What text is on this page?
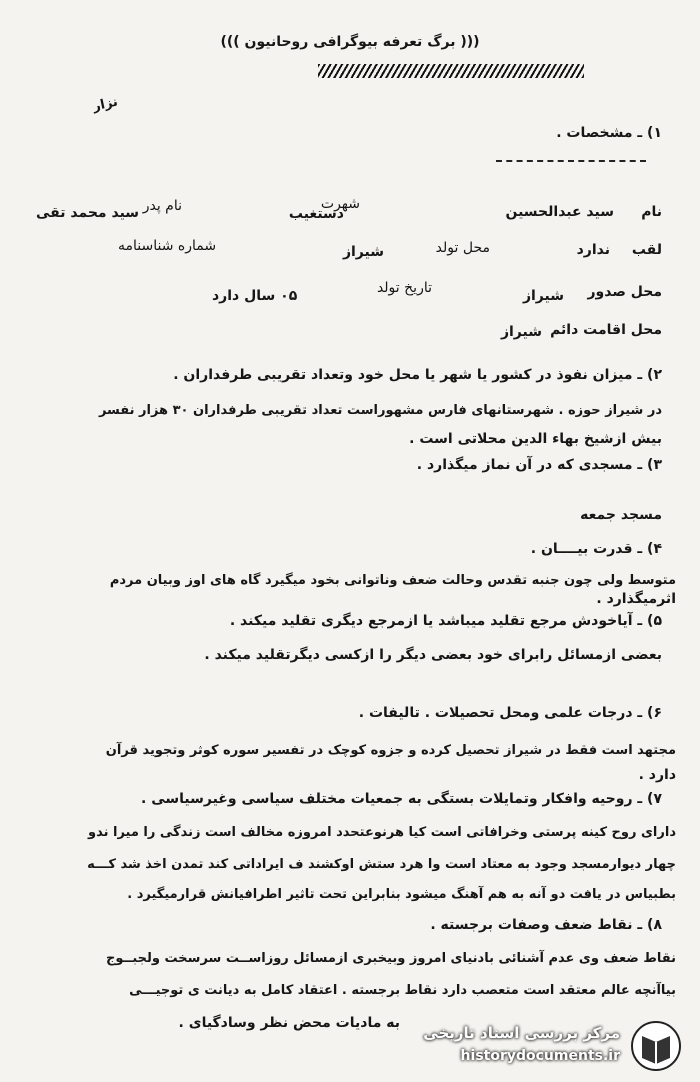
((( برگ تعرفه بیوگرافی روحانیون )))
نزار
۱) ـ مشخصات .
نام
سید عبدالحسین
شهرت
دستغیب
نام پدر
سید محمد تقی
لقب
ندارد
محل تولد
شیراز
شماره شناسنامه
محل صدور
شیراز
تاریخ تولد
۰۵ سال دارد
محل اقامت دائم
شیراز
۲) ـ میزان نفوذ در کشور یا شهر یا محل خود وتعداد تقریبی طرفداران .
در شیراز حوزه . شهرستانهای فارس مشهوراست تعداد تقریبی طرفداران ۳۰ هزار نفسر
بیش ازشیخ بهاء الدین محلاتی است .
۳) ـ مسجدی که در آن نماز میگذارد .
مسجد جمعه
۴) ـ قدرت بیــــان .
متوسط ولی چون جنبه تقدس وحالت ضعف وناتوانی بخود میگیرد گاه های اوز وبیان مردم
اثرمیگذارد .
۵) ـ آیاخودش مرجع تقلید میباشد یا ازمرجع دیگری تقلید میکند .
بعضی ازمسائل رابرای خود بعضی دیگر را ازکسی دیگرتقلید میکند .
۶) ـ درجات علمی ومحل تحصیلات . تالیفات .
مجتهد است فقط در شیراز تحصیل کرده و جزوه کوچک در تفسیر سوره کوثر وتجوید قرآن
دارد .
۷) ـ روحیه وافکار وتمایلات بستگی به جمعیات مختلف سیاسی وغیرسیاسی .
دارای روح کینه پرستی وخرافاتی است کیا هرنوعتحدد امروزه مخالف است زندگی را میرا ندو
چهار دیوارمسجد وجود به معتاد است وا هرد ستش اوکشند ف ایراداتی کند تمدن اخذ شد کـــه
بطبیاس در یافت دو آنه به هم آهنگ میشود بنابراین تحت تاثیر اطرافیانش قرارمیگیرد .
۸) ـ نقاط ضعف وصفات برجسته .
نقاط ضعف وی عدم آشنائی بادنیای امروز وبیخبری ازمسائل روزاســت سرسخت ولجبــوج
بیاآنچه عالم معتقد است متعصب دارد نقاط برجسته . اعتقاد کامل به دیانت ی توجیـــی
به مادیات محض نظر وسادگیای .
مرکز بررسی اسناد تاریخی
historydocuments.ir
